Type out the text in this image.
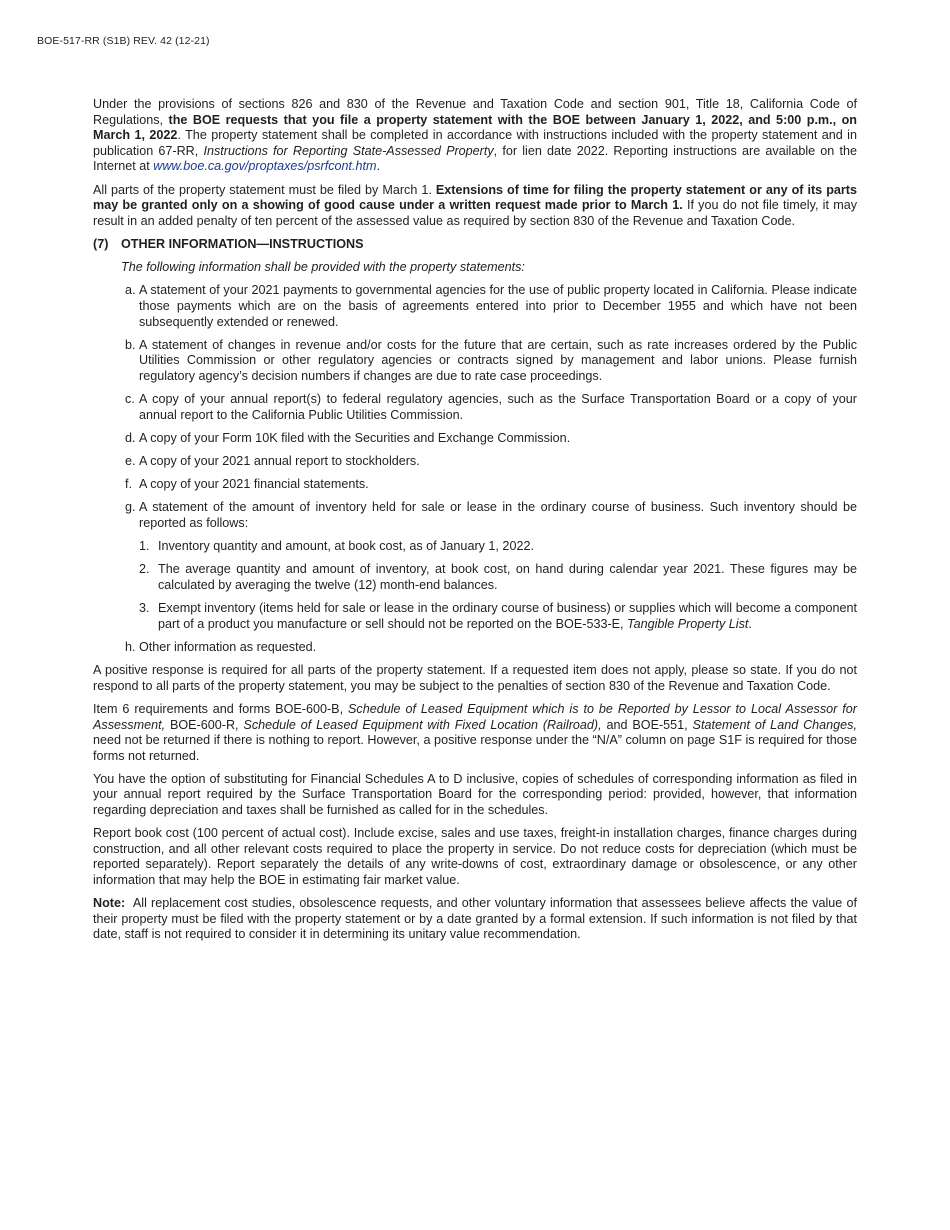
BOE-517-RR (S1B) REV. 42 (12-21)

Under the provisions of sections 826 and 830 of the Revenue and Taxation Code and section 901, Title 18, California Code of Regulations, the BOE requests that you file a property statement with the BOE between January 1, 2022, and 5:00 p.m., on March 1, 2022. The property statement shall be completed in accordance with instructions included with the property statement and in publication 67-RR, Instructions for Reporting State-Assessed Property, for lien date 2022. Reporting instructions are available on the Internet at www.boe.ca.gov/proptaxes/psrfcont.htm.

All parts of the property statement must be filed by March 1. Extensions of time for filing the property statement or any of its parts may be granted only on a showing of good cause under a written request made prior to March 1. If you do not file timely, it may result in an added penalty of ten percent of the assessed value as required by section 830 of the Revenue and Taxation Code.

(7) OTHER INFORMATION—INSTRUCTIONS
The following information shall be provided with the property statements:
a. A statement of your 2021 payments to governmental agencies for the use of public property located in California. Please indicate those payments which are on the basis of agreements entered into prior to December 1955 and which have not been subsequently extended or renewed.
b. A statement of changes in revenue and/or costs for the future that are certain, such as rate increases ordered by the Public Utilities Commission or other regulatory agencies or contracts signed by management and labor unions. Please furnish regulatory agency’s decision numbers if changes are due to rate case proceedings.
c. A copy of your annual report(s) to federal regulatory agencies, such as the Surface Transportation Board or a copy of your annual report to the California Public Utilities Commission.
d. A copy of your Form 10K filed with the Securities and Exchange Commission.
e. A copy of your 2021 annual report to stockholders.
f. A copy of your 2021 financial statements.
g. A statement of the amount of inventory held for sale or lease in the ordinary course of business. Such inventory should be reported as follows:
1. Inventory quantity and amount, at book cost, as of January 1, 2022.
2. The average quantity and amount of inventory, at book cost, on hand during calendar year 2021. These figures may be calculated by averaging the twelve (12) month-end balances.
3. Exempt inventory (items held for sale or lease in the ordinary course of business) or supplies which will become a component part of a product you manufacture or sell should not be reported on the BOE-533-E, Tangible Property List.
h. Other information as requested.

A positive response is required for all parts of the property statement. If a requested item does not apply, please so state. If you do not respond to all parts of the property statement, you may be subject to the penalties of section 830 of the Revenue and Taxation Code.

Item 6 requirements and forms BOE-600-B, Schedule of Leased Equipment which is to be Reported by Lessor to Local Assessor for Assessment, BOE-600-R, Schedule of Leased Equipment with Fixed Location (Railroad), and BOE-551, Statement of Land Changes, need not be returned if there is nothing to report. However, a positive response under the “N/A” column on page S1F is required for those forms not returned.

You have the option of substituting for Financial Schedules A to D inclusive, copies of schedules of corresponding information as filed in your annual report required by the Surface Transportation Board for the corresponding period: provided, however, that information regarding depreciation and taxes shall be furnished as called for in the schedules.

Report book cost (100 percent of actual cost). Include excise, sales and use taxes, freight-in installation charges, finance charges during construction, and all other relevant costs required to place the property in service. Do not reduce costs for depreciation (which must be reported separately). Report separately the details of any write-downs of cost, extraordinary damage or obsolescence, or any other information that may help the BOE in estimating fair market value.

Note:  All replacement cost studies, obsolescence requests, and other voluntary information that assessees believe affects the value of their property must be filed with the property statement or by a date granted by a formal extension. If such information is not filed by that date, staff is not required to consider it in determining its unitary value recommendation.
